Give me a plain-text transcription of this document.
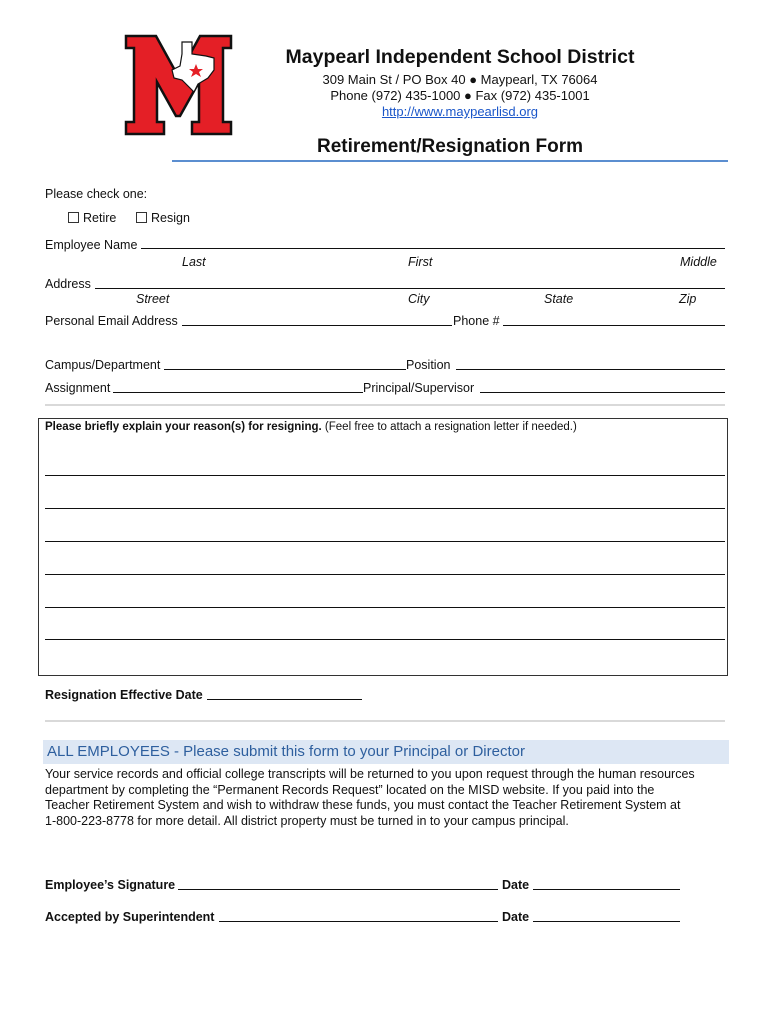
Maypearl Independent School District
309 Main St / PO Box 40 ● Maypearl, TX 76064
Phone (972) 435-1000 ● Fax (972) 435-1001
http://www.maypearlisd.org
Retirement/Resignation Form
Please check one:
Retire	Resign
Employee Name
Last	First	Middle
Address
Street	City	State	Zip
Personal Email Address	Phone #
Campus/Department	Position
Assignment	Principal/Supervisor
Please briefly explain your reason(s) for resigning. (Feel free to attach a resignation letter if needed.)
Resignation Effective Date
ALL EMPLOYEES - Please submit this form to your Principal or Director

Your service records and official college transcripts will be returned to you upon request through the human resources

department by completing the “Permanent Records Request” located on the MISD website. If you paid into the

Teacher Retirement System and wish to withdraw these funds, you must contact the Teacher Retirement System at

1-800-223-8778 for more detail. All district property must be turned in to your campus principal.

Employee’s Signature	Date
Accepted by Superintendent	Date
